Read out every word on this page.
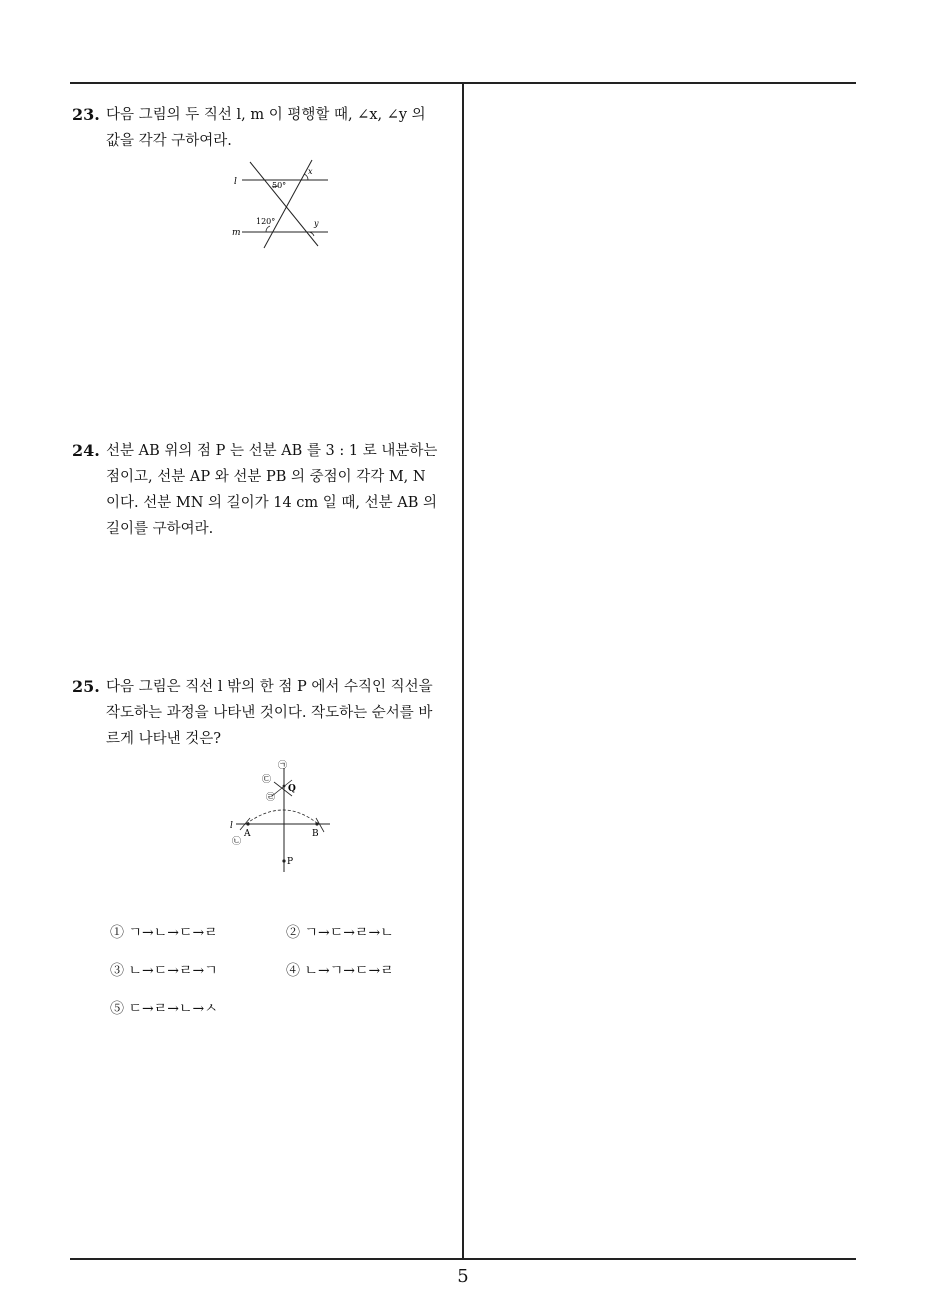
23. 다음 그림의 두 직선 l, m 이 평행할 때, ∠x, ∠y 의
값을 각각 구하여라.
l
m
50°
x
120°	y
24. 선분 AB 위의 점 P 는 선분 AB 를 3 : 1 로 내분하는
점이고, 선분 AP 와 선분 PB 의 중점이 각각 M, N
이다. 선분 MN 의 길이가 14 cm 일 때, 선분 AB 의
길이를 구하여라.
25. 다음 그림은 직선 l 밖의 한 점 P 에서 수직인 직선을
작도하는 과정을 나타낸 것이다. 작도하는 순서를 바
르게 나타낸 것은?
㉠
㉢
㉣
㉡
Q
l
A	B
P
① ㄱ→ㄴ→ㄷ→ㄹ	② ㄱ→ㄷ→ㄹ→ㄴ
③ ㄴ→ㄷ→ㄹ→ㄱ	④ ㄴ→ㄱ→ㄷ→ㄹ
⑤ ㄷ→ㄹ→ㄴ→ㅅ
5
